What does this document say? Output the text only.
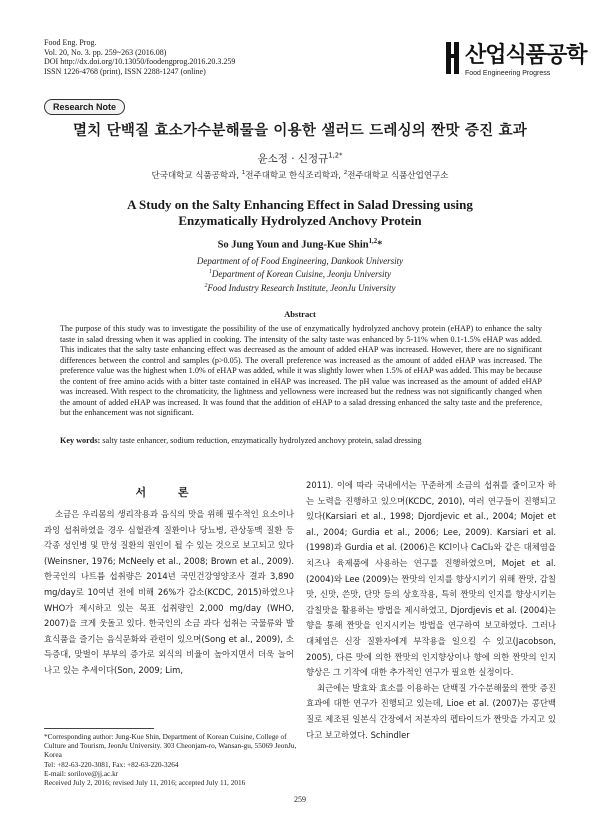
Food Eng. Prog.
Vol. 20, No. 3. pp. 259~263 (2016.08)
DOI http://dx.doi.org/10.13050/foodengprog.2016.20.3.259
ISSN 1226-4768 (print), ISSN 2288-1247 (online)
산업식품공학
Food Engineering Progress
Research Note
멸치 단백질 효소가수분해물을 이용한 샐러드 드레싱의 짠맛 증진 효과
윤소정 · 신정규$^{1,2*}$
단국대학교 식품공학과, $^1$전주대학교 한식조리학과, $^2$전주대학교 식품산업연구소
A Study on the Salty Enhancing Effect in Salad Dressing using
Enzymatically Hydrolyzed Anchovy Protein
So Jung Youn and Jung-Kue Shin$^{1,2}$*
Department of of Food Engineering, Dankook University
$^1$Department of Korean Cuisine, Jeonju University
$^2$Food Industry Research Institute, JeonJu University
Abstract
The purpose of this study was to investigate the possibility of the use of enzymatically hydrolyzed anchovy protein (eHAP) to enhance the salty taste in salad dressing when it was applied in cooking. The intensity of the salty taste was enhanced by 5-11% when 0.1-1.5% eHAP was added. This indicates that the salty taste enhancing effect was decreased as the amount of added eHAP was increased. However, there are no significant differences between the control and samples (p>0.05). The overall preference was increased as the amount of added eHAP was increased. The preference value was the highest when 1.0% of eHAP was added, while it was slightly lower when 1.5% of eHAP was added. This may be because the content of free amino acids with a bitter taste contained in eHAP was increased. The pH value was increased as the amount of added eHAP was increased. With respect to the chromaticity, the lightness and yellowness were increased but the redness was not significantly changed when the amount of added eHAP was increased. It was found that the addition of eHAP to a salad dressing enhanced the salty taste and the preference, but the enhancement was not significant.
Key words: salty taste enhancer, sodium reduction, enzymatically hydrolyzed anchovy protein, salad dressing
서 론

소금은 우리몸의 생리작용과 음식의 맛을 위해 필수적인 요소이나 과잉 섭취하였을 경우 심혈관계 질환이나 당뇨병, 관상동맥 질환 등 각종 성인병 및 만성 질환의 원인이 될 수 있는 것으로 보고되고 있다(Weinsner, 1976; McNeely et al., 2008; Brown et al., 2009). 한국인의 나트륨 섭취량은 2014년 국민건강영양조사 결과 3,890 mg/day로 10여년 전에 비해 26%가 감소(KCDC, 2015)하였으나 WHO가 제시하고 있는 목표 섭취량인 2,000 mg/day (WHO, 2007)을 크게 웃돌고 있다. 한국인의 소금 과다 섭취는 국물류와 발효식품을 즐기는 음식문화와 관련이 있으며(Song et al., 2009), 소득증대, 맞벌이 부부의 증가로 외식의 비율이 높아지면서 더욱 늘어나고 있는 추세이다(Son, 2009; Lim,

2011). 이에 따라 국내에서는 꾸준하게 소금의 섭취를 줄이고자 하는 노력을 진행하고 있으며(KCDC, 2010), 여러 연구들이 진행되고 있다(Karsiari et al., 1998; Djordjevic et al., 2004; Mojet et al., 2004; Gurdia et al., 2006; Lee, 2009). Karsiari et al. (1998)과 Gurdia et al. (2006)은 KCl이나 CaCl₂와 같은 대체염을 치즈나 육제품에 사용하는 연구를 진행하였으며, Mojet et al. (2004)와 Lee (2009)는 짠맛의 인지를 향상시키기 위해 짠맛, 감칠맛, 신맛, 쓴맛, 단맛 등의 상호작용, 특히 짠맛의 인지를 향상시키는 감칠맛을 활용하는 방법을 제시하였고, Djordjevis et al. (2004)는 향을 통해 짠맛을 인지시키는 방법을 연구하여 보고하였다. 그러나 대체염은 신장 질환자에게 부작용을 일으킬 수 있고(Jacobson, 2005), 다른 맛에 의한 짠맛의 인지향상이나 향에 의한 짠맛의 인지향상은 그 기작에 대한 추가적인 연구가 필요한 실정이다.

최근에는 발효와 효소를 이용하는 단백질 가수분해물의 짠맛 증진 효과에 대한 연구가 진행되고 있는데, Lioe et al. (2007)는 콩단백질로 제조된 일본식 간장에서 저분자의 펩타이드가 짠맛을 가지고 있다고 보고하였다. Schindler

*Corresponding author: Jung-Kue Shin, Department of Korean Cuisine, College of Culture and Tourism, JeonJu University. 303 Cheonjam-ro, Wansan-gu, 55069 JeonJu, Korea
Tel: +82-63-220-3081, Fax: +82-63-220-3264
E-mail: sorilove@jj.ac.kr
Received July 2, 2016; revised July 11, 2016; accepted July 11, 2016
259
